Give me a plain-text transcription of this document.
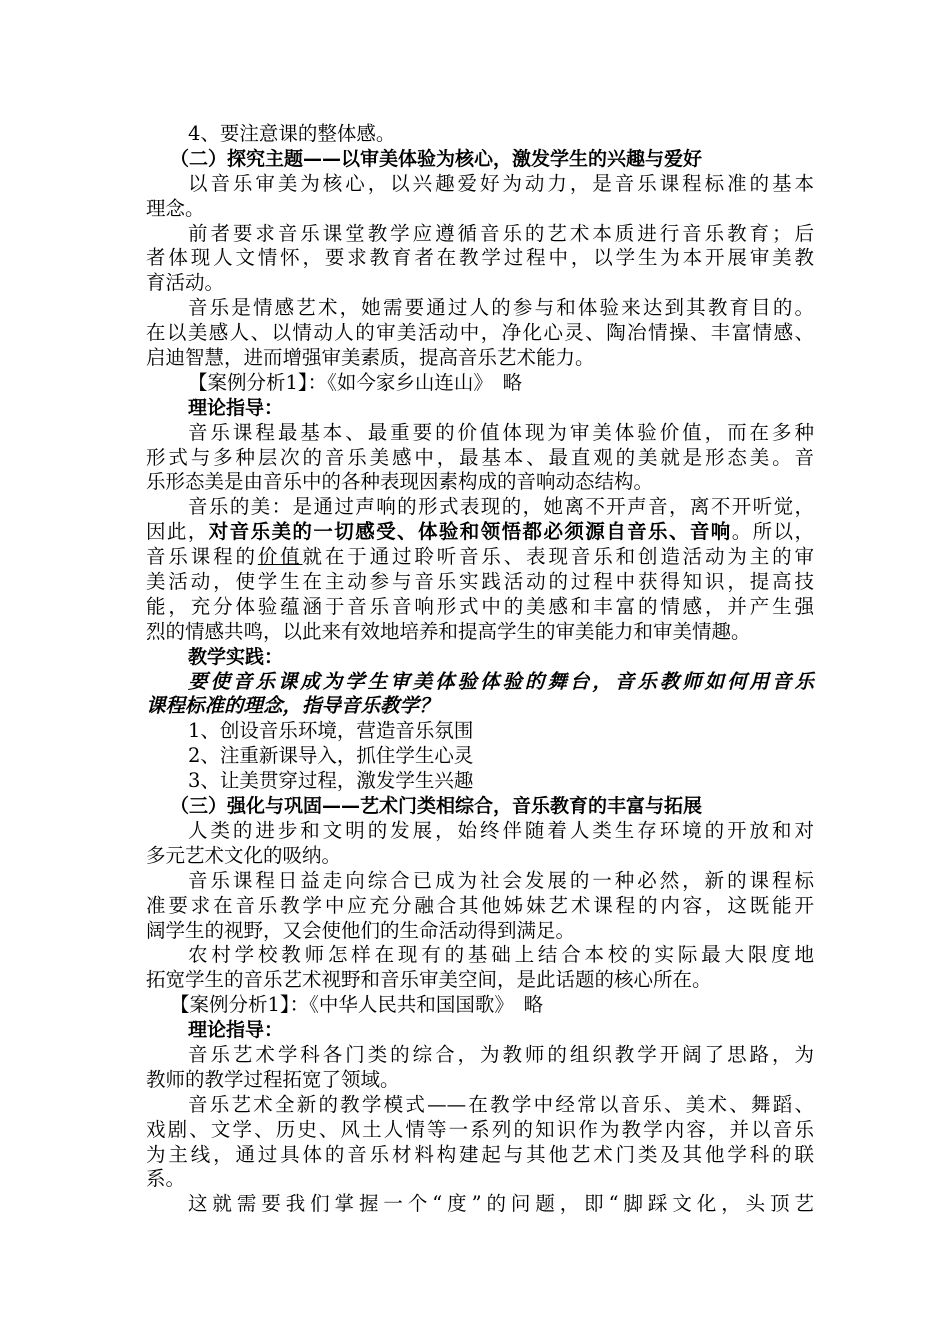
4、要注意课的整体感。
（二）探究主题——以审美体验为核心，激发学生的兴趣与爱好
以音乐审美为核心，以兴趣爱好为动力，是音乐课程标准的基本
理念。
前者要求音乐课堂教学应遵循音乐的艺术本质进行音乐教育；后
者体现人文情怀，要求教育者在教学过程中，以学生为本开展审美教
育活动。
音乐是情感艺术，她需要通过人的参与和体验来达到其教育目的。
在以美感人、以情动人的审美活动中，净化心灵、陶冶情操、丰富情感、
启迪智慧，进而增强审美素质，提高音乐艺术能力。
【案例分析1】：《如今家乡山连山》　略
理论指导：
音乐课程最基本、最重要的价值体现为审美体验价值，而在多种
形式与多种层次的音乐美感中，最基本、最直观的美就是形态美。音
乐形态美是由音乐中的各种表现因素构成的音响动态结构。
音乐的美：是通过声响的形式表现的，她离不开声音，离不开听觉，
因此，对音乐美的一切感受、体验和领悟都必须源自音乐、音响。所以，
音乐课程的价值就在于通过聆听音乐、表现音乐和创造活动为主的审
美活动，使学生在主动参与音乐实践活动的过程中获得知识，提高技
能，充分体验蕴涵于音乐音响形式中的美感和丰富的情感，并产生强
烈的情感共鸣，以此来有效地培养和提高学生的审美能力和审美情趣。
教学实践：
要使音乐课成为学生审美体验体验的舞台，音乐教师如何用音乐
课程标准的理念，指导音乐教学？
1、创设音乐环境，营造音乐氛围
2、注重新课导入，抓住学生心灵
3、让美贯穿过程，激发学生兴趣
（三）强化与巩固——艺术门类相综合，音乐教育的丰富与拓展
人类的进步和文明的发展，始终伴随着人类生存环境的开放和对
多元艺术文化的吸纳。
音乐课程日益走向综合已成为社会发展的一种必然，新的课程标
准要求在音乐教学中应充分融合其他姊妹艺术课程的内容，这既能开
阔学生的视野，又会使他们的生命活动得到满足。
农村学校教师怎样在现有的基础上结合本校的实际最大限度地
拓宽学生的音乐艺术视野和音乐审美空间，是此话题的核心所在。
【案例分析1】：《中华人民共和国国歌》　略
理论指导：
音乐艺术学科各门类的综合，为教师的组织教学开阔了思路，为
教师的教学过程拓宽了领域。
音乐艺术全新的教学模式——在教学中经常以音乐、美术、舞蹈、
戏剧、文学、历史、风土人情等一系列的知识作为教学内容，并以音乐
为主线，通过具体的音乐材料构建起与其他艺术门类及其他学科的联
系。
这就需要我们掌握一个“度”的问题，即“脚踩文化，头顶艺
